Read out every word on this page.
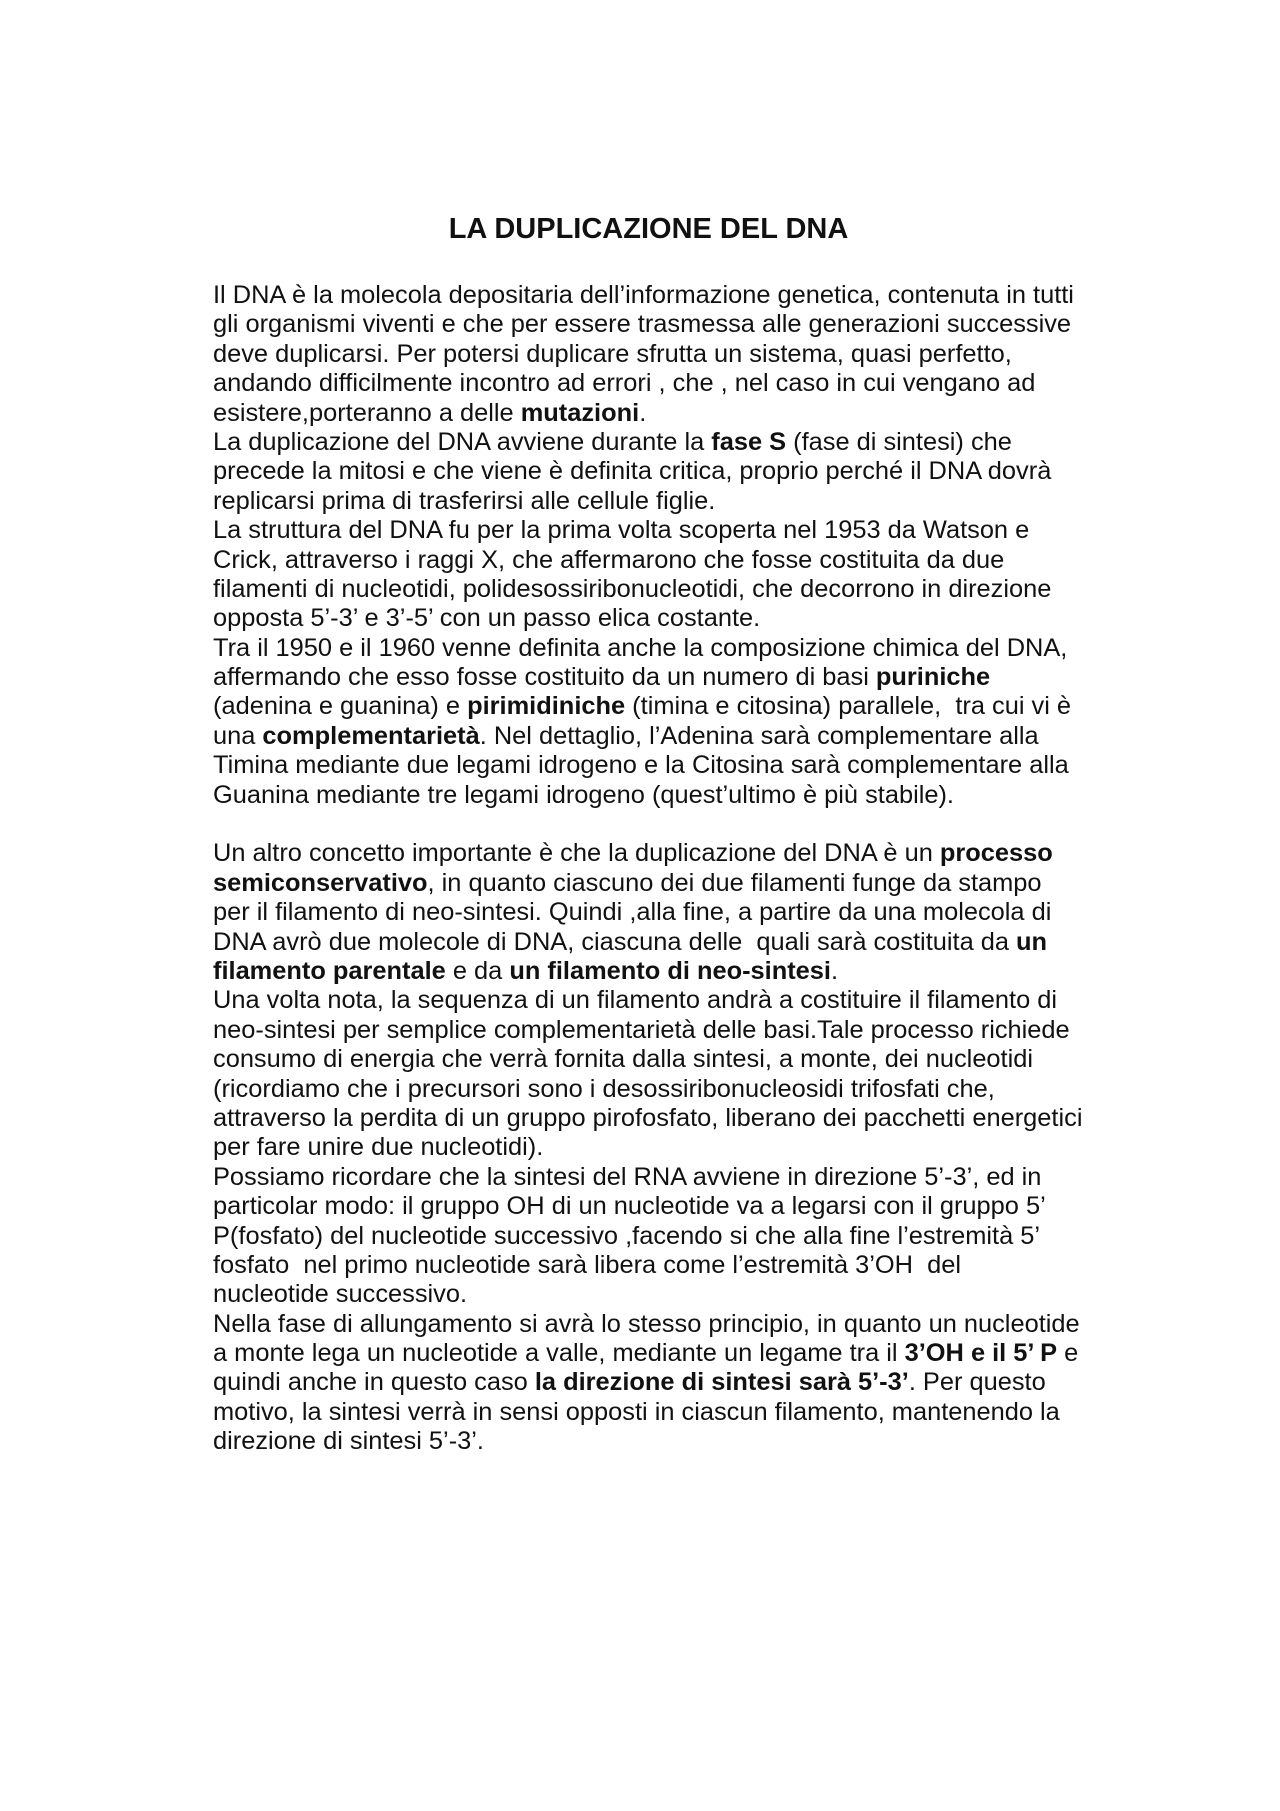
LA DUPLICAZIONE DEL DNA
Il DNA è la molecola depositaria dell’informazione genetica, contenuta in tutti
gli organismi viventi e che per essere trasmessa alle generazioni successive
deve duplicarsi. Per potersi duplicare sfrutta un sistema, quasi perfetto,
andando difficilmente incontro ad errori , che , nel caso in cui vengano ad
esistere,porteranno a delle mutazioni.
La duplicazione del DNA avviene durante la fase S (fase di sintesi) che
precede la mitosi e che viene è definita critica, proprio perché il DNA dovrà
replicarsi prima di trasferirsi alle cellule figlie.
La struttura del DNA fu per la prima volta scoperta nel 1953 da Watson e
Crick, attraverso i raggi X, che affermarono che fosse costituita da due
filamenti di nucleotidi, polidesossiribonucleotidi, che decorrono in direzione
opposta 5’-3’ e 3’-5’ con un passo elica costante.
Tra il 1950 e il 1960 venne definita anche la composizione chimica del DNA,
affermando che esso fosse costituito da un numero di basi puriniche
(adenina e guanina) e pirimidiniche (timina e citosina) parallele,  tra cui vi è
una complementarietà. Nel dettaglio, l’Adenina sarà complementare alla
Timina mediante due legami idrogeno e la Citosina sarà complementare alla
Guanina mediante tre legami idrogeno (quest’ultimo è più stabile).
Un altro concetto importante è che la duplicazione del DNA è un processo
semiconservativo, in quanto ciascuno dei due filamenti funge da stampo
per il filamento di neo-sintesi. Quindi ,alla fine, a partire da una molecola di
DNA avrò due molecole di DNA, ciascuna delle  quali sarà costituita da un
filamento parentale e da un filamento di neo-sintesi.
Una volta nota, la sequenza di un filamento andrà a costituire il filamento di
neo-sintesi per semplice complementarietà delle basi.Tale processo richiede
consumo di energia che verrà fornita dalla sintesi, a monte, dei nucleotidi
(ricordiamo che i precursori sono i desossiribonucleosidi trifosfati che,
attraverso la perdita di un gruppo pirofosfato, liberano dei pacchetti energetici
per fare unire due nucleotidi).
Possiamo ricordare che la sintesi del RNA avviene in direzione 5’-3’, ed in
particolar modo: il gruppo OH di un nucleotide va a legarsi con il gruppo 5’
P(fosfato) del nucleotide successivo ,facendo si che alla fine l’estremità 5’
fosfato  nel primo nucleotide sarà libera come l’estremità 3’OH  del
nucleotide successivo.
Nella fase di allungamento si avrà lo stesso principio, in quanto un nucleotide
a monte lega un nucleotide a valle, mediante un legame tra il 3’OH e il 5’ P e
quindi anche in questo caso la direzione di sintesi sarà 5’-3’. Per questo
motivo, la sintesi verrà in sensi opposti in ciascun filamento, mantenendo la
direzione di sintesi 5’-3’.
